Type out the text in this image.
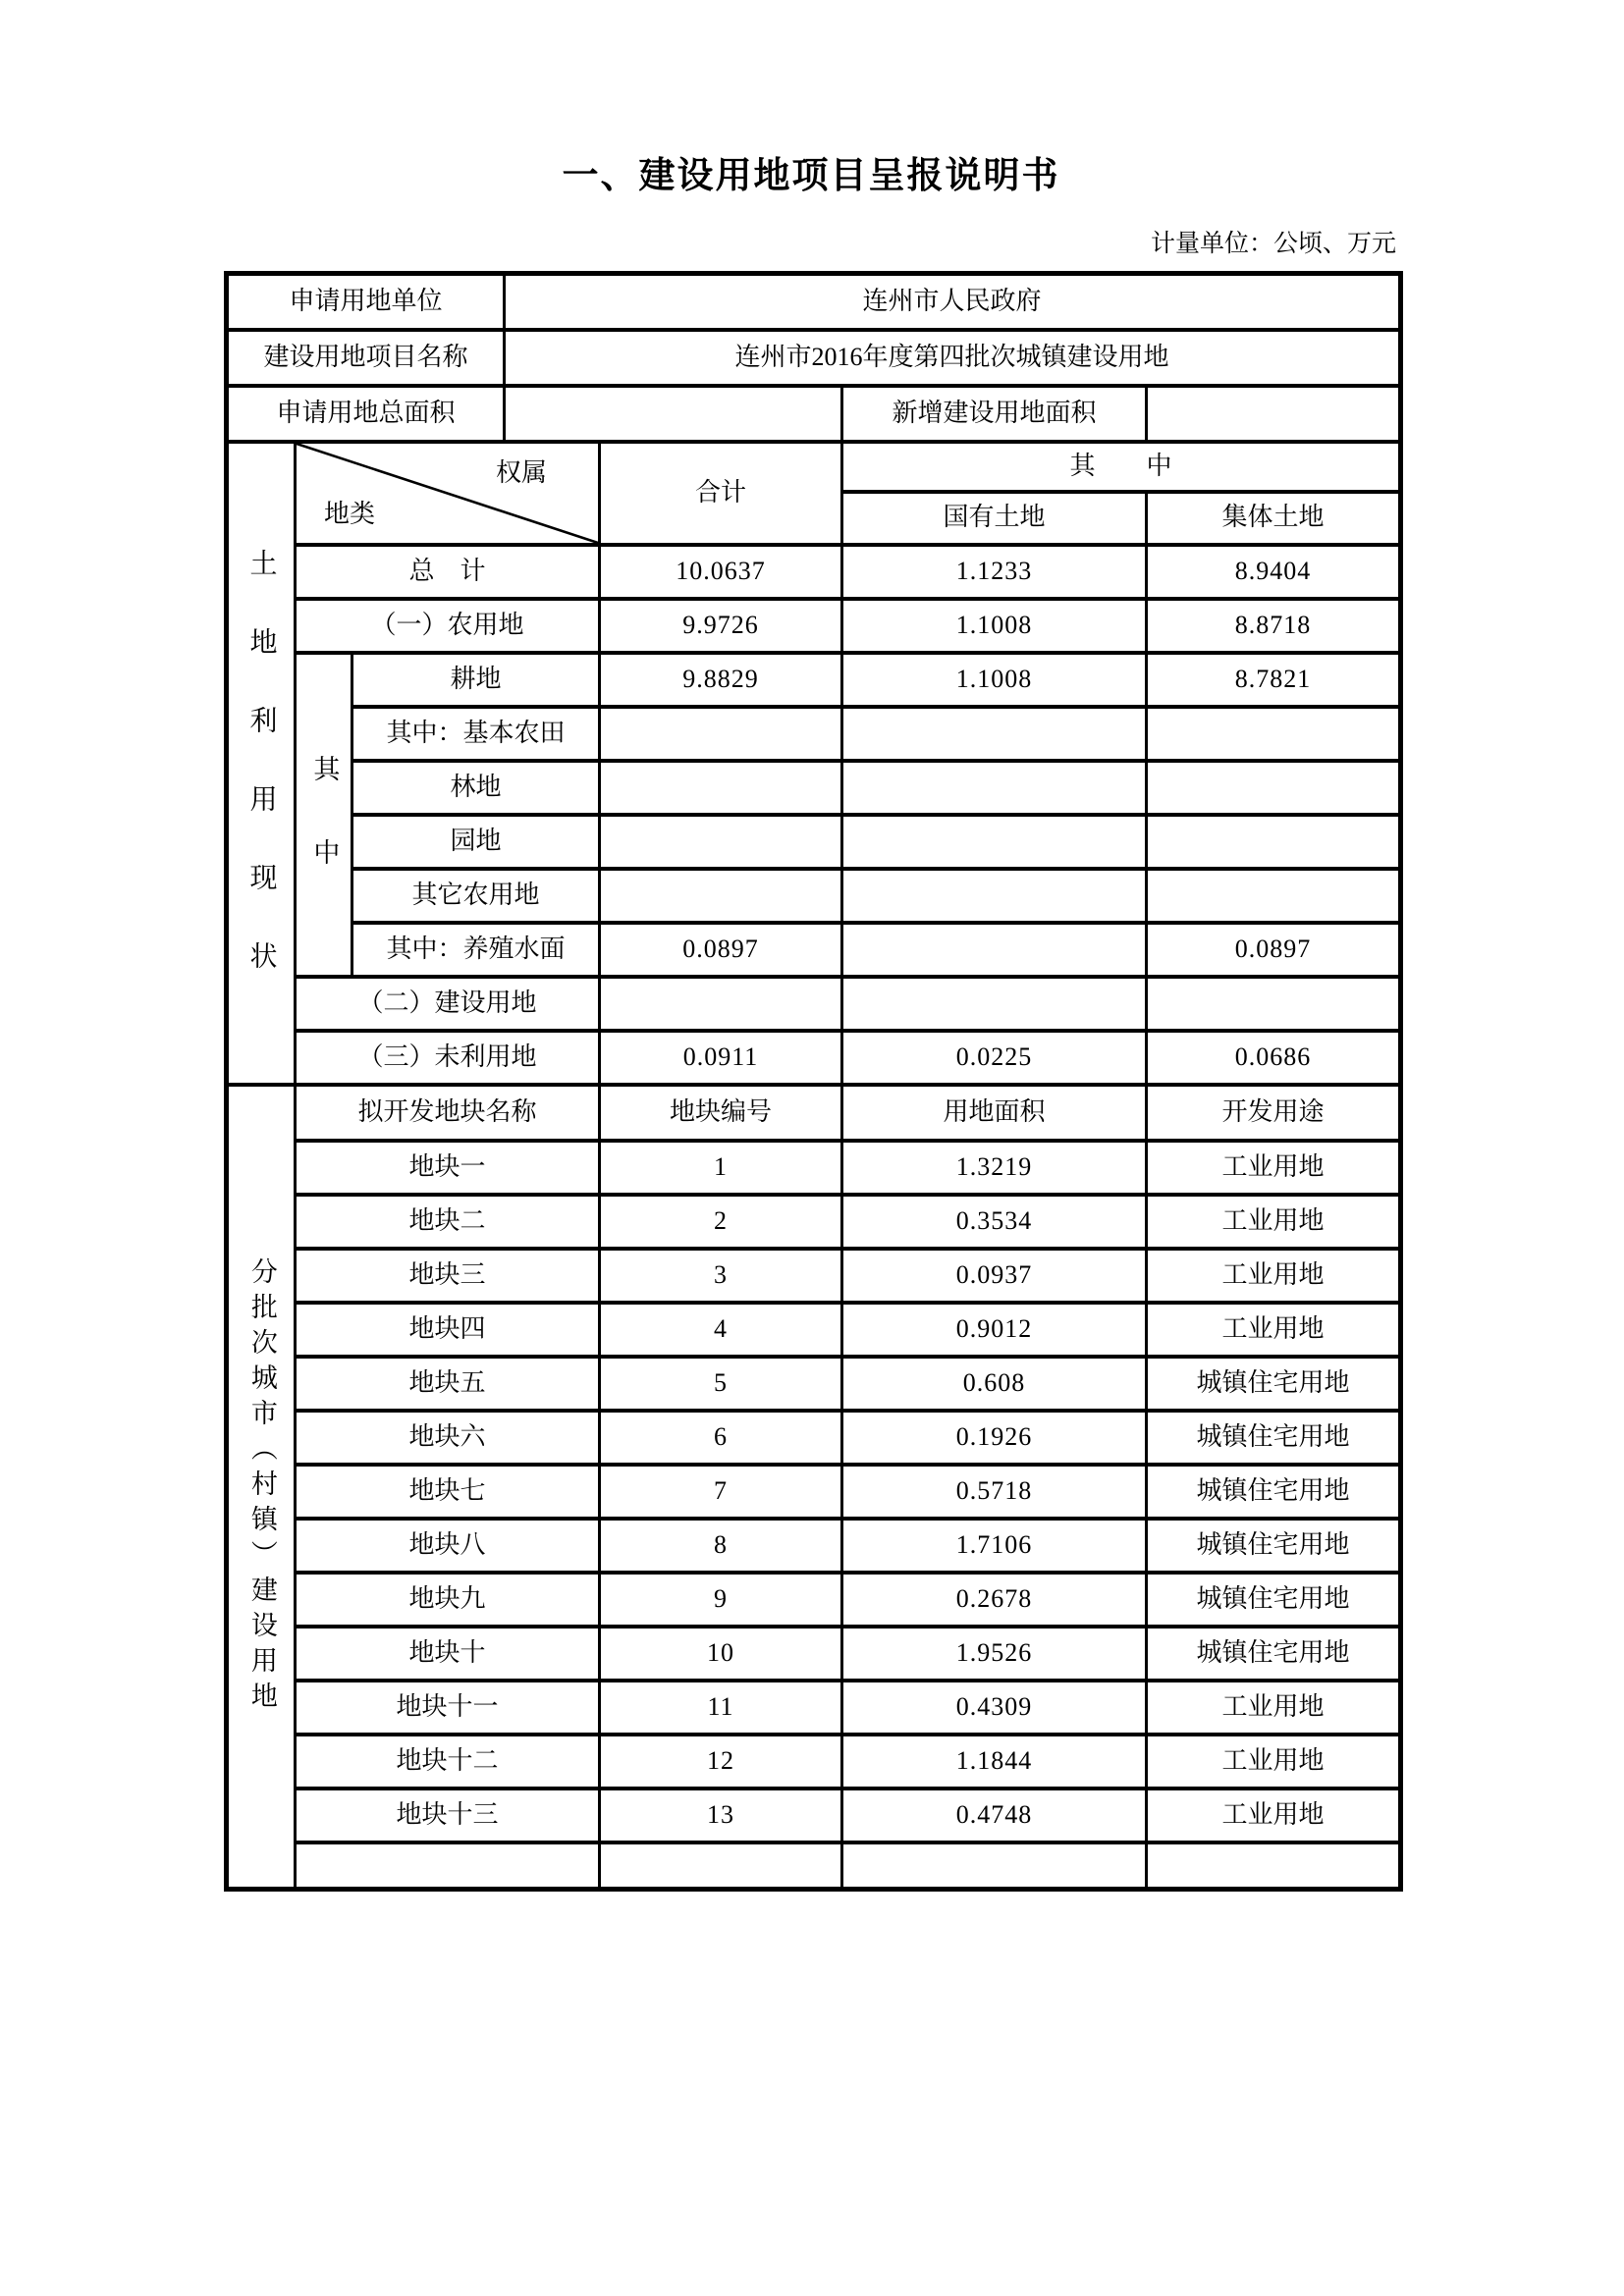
一、建设用地项目呈报说明书
计量单位：公顷、万元
申请用地单位			连州市人民政府			
建设用地项目名称			连州市2016年度第四批次城镇建设用地			
申请用地总面积					新增建设用地面积	
土地利用现状	权属
地类			合计	其　　中	
					国有土地	集体土地
	总　计			10.0637	1.1233	8.9404
	（一）农用地			9.9726	1.1008	8.8718
	其中	耕地		9.8829	1.1008	8.7821
		其中：基本农田				
		林地				
		园地				
		其它农用地				
		其中：养殖水面		0.0897		0.0897
	（二）建设用地					
	（三）未利用地			0.0911	0.0225	0.0686
分批次城市（村镇）建设用地	拟开发地块名称			地块编号	用地面积	开发用途
	地块一			1	1.3219	工业用地
	地块二			2	0.3534	工业用地
	地块三			3	0.0937	工业用地
	地块四			4	0.9012	工业用地
	地块五			5	0.608	城镇住宅用地
	地块六			6	0.1926	城镇住宅用地
	地块七			7	0.5718	城镇住宅用地
	地块八			8	1.7106	城镇住宅用地
	地块九			9	0.2678	城镇住宅用地
	地块十			10	1.9526	城镇住宅用地
	地块十一			11	0.4309	工业用地
	地块十二			12	1.1844	工业用地
	地块十三			13	0.4748	工业用地
